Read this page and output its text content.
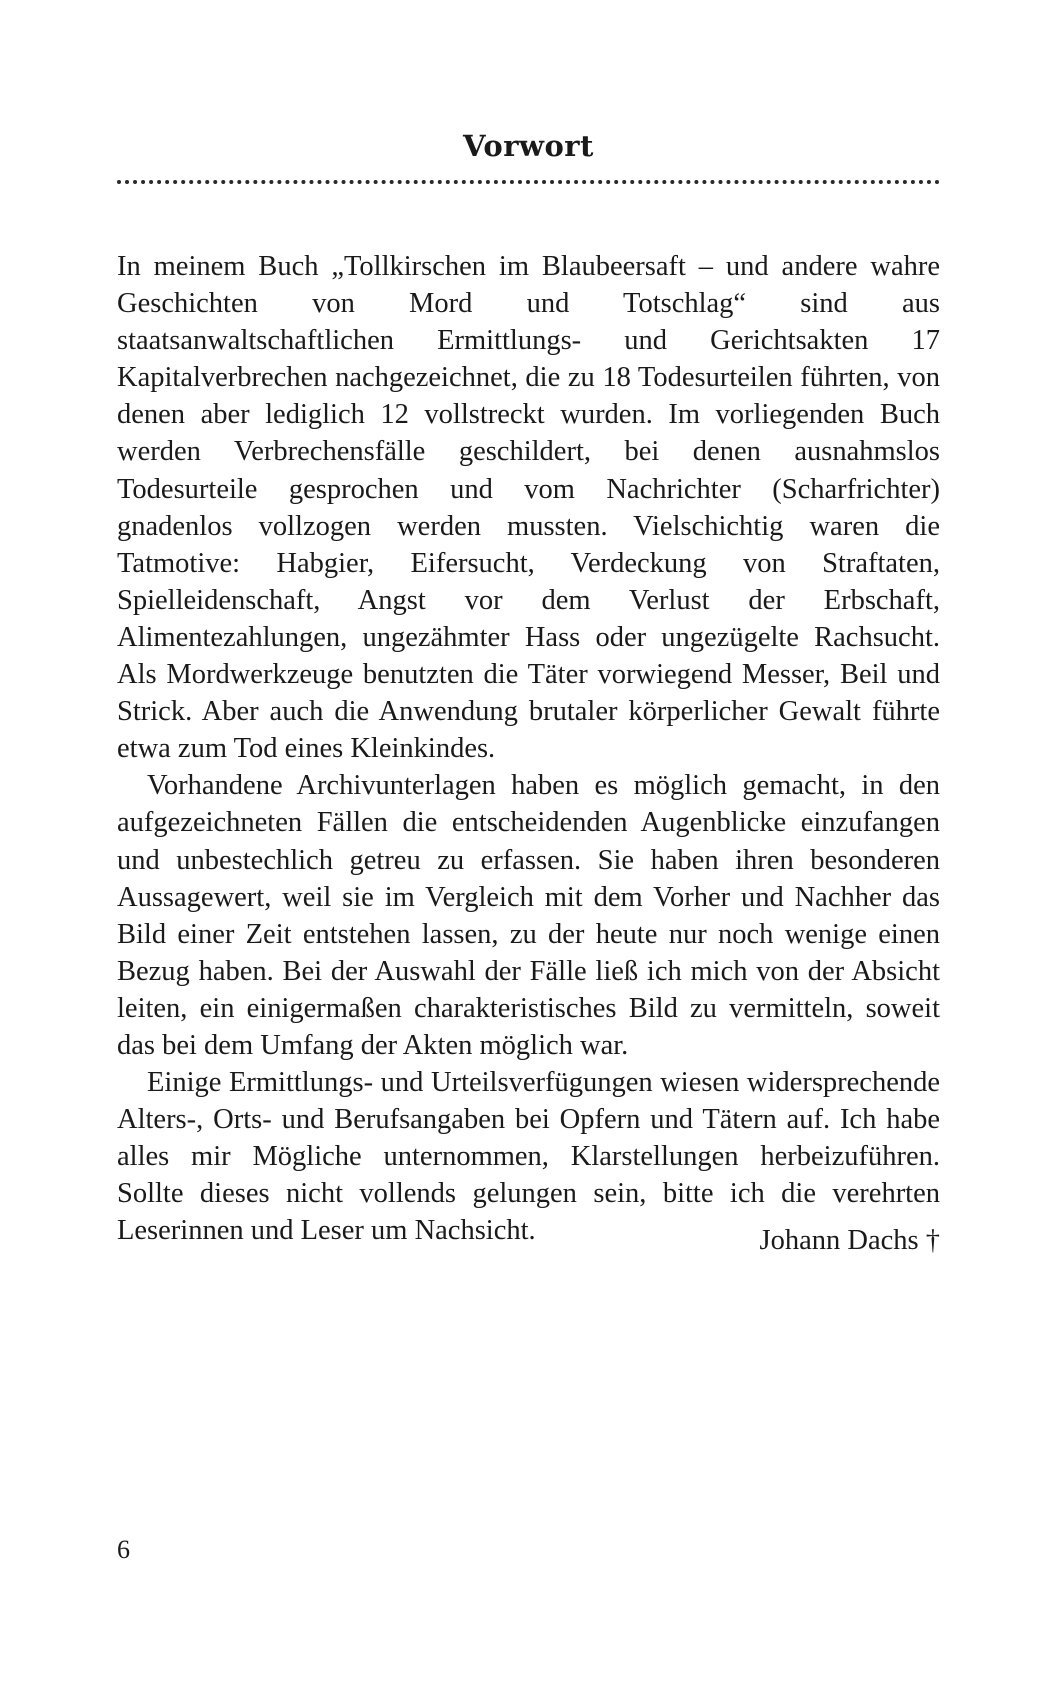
Vorwort

In meinem Buch „Tollkirschen im Blaubeersaft – und andere wahre Geschichten von Mord und Totschlag“ sind aus staatsanwaltschaftlichen Ermittlungs- und Gerichtsakten 17 Kapitalverbrechen nachgezeichnet, die zu 18 Todesurteilen führten, von denen aber lediglich 12 vollstreckt wurden. Im vorliegenden Buch werden Verbrechensfälle geschildert, bei denen ausnahmslos Todesurteile gesprochen und vom Nachrichter (Scharfrichter) gnadenlos vollzogen werden mussten. Vielschichtig waren die Tatmotive: Habgier, Eifersucht, Verdeckung von Straftaten, Spielleidenschaft, Angst vor dem Verlust der Erbschaft, Alimentezahlungen, ungezähmter Hass oder ungezügelte Rachsucht. Als Mordwerkzeuge benutzten die Täter vorwiegend Messer, Beil und Strick. Aber auch die Anwendung brutaler körperlicher Gewalt führte etwa zum Tod eines Kleinkindes.

Vorhandene Archivunterlagen haben es möglich gemacht, in den aufgezeichneten Fällen die entscheidenden Augenblicke einzufangen und unbestechlich getreu zu erfassen. Sie haben ihren besonderen Aussagewert, weil sie im Vergleich mit dem Vorher und Nachher das Bild einer Zeit entstehen lassen, zu der heute nur noch wenige einen Bezug haben. Bei der Auswahl der Fälle ließ ich mich von der Absicht leiten, ein einigermaßen charakteristisches Bild zu vermitteln, soweit das bei dem Umfang der Akten möglich war.

Einige Ermittlungs- und Urteilsverfügungen wiesen widersprechende Alters-, Orts- und Berufsangaben bei Opfern und Tätern auf. Ich habe alles mir Mögliche unternommen, Klarstellungen herbeizuführen. Sollte dieses nicht vollends gelungen sein, bitte ich die verehrten Leserinnen und Leser um Nachsicht.	Johann Dachs †
6
